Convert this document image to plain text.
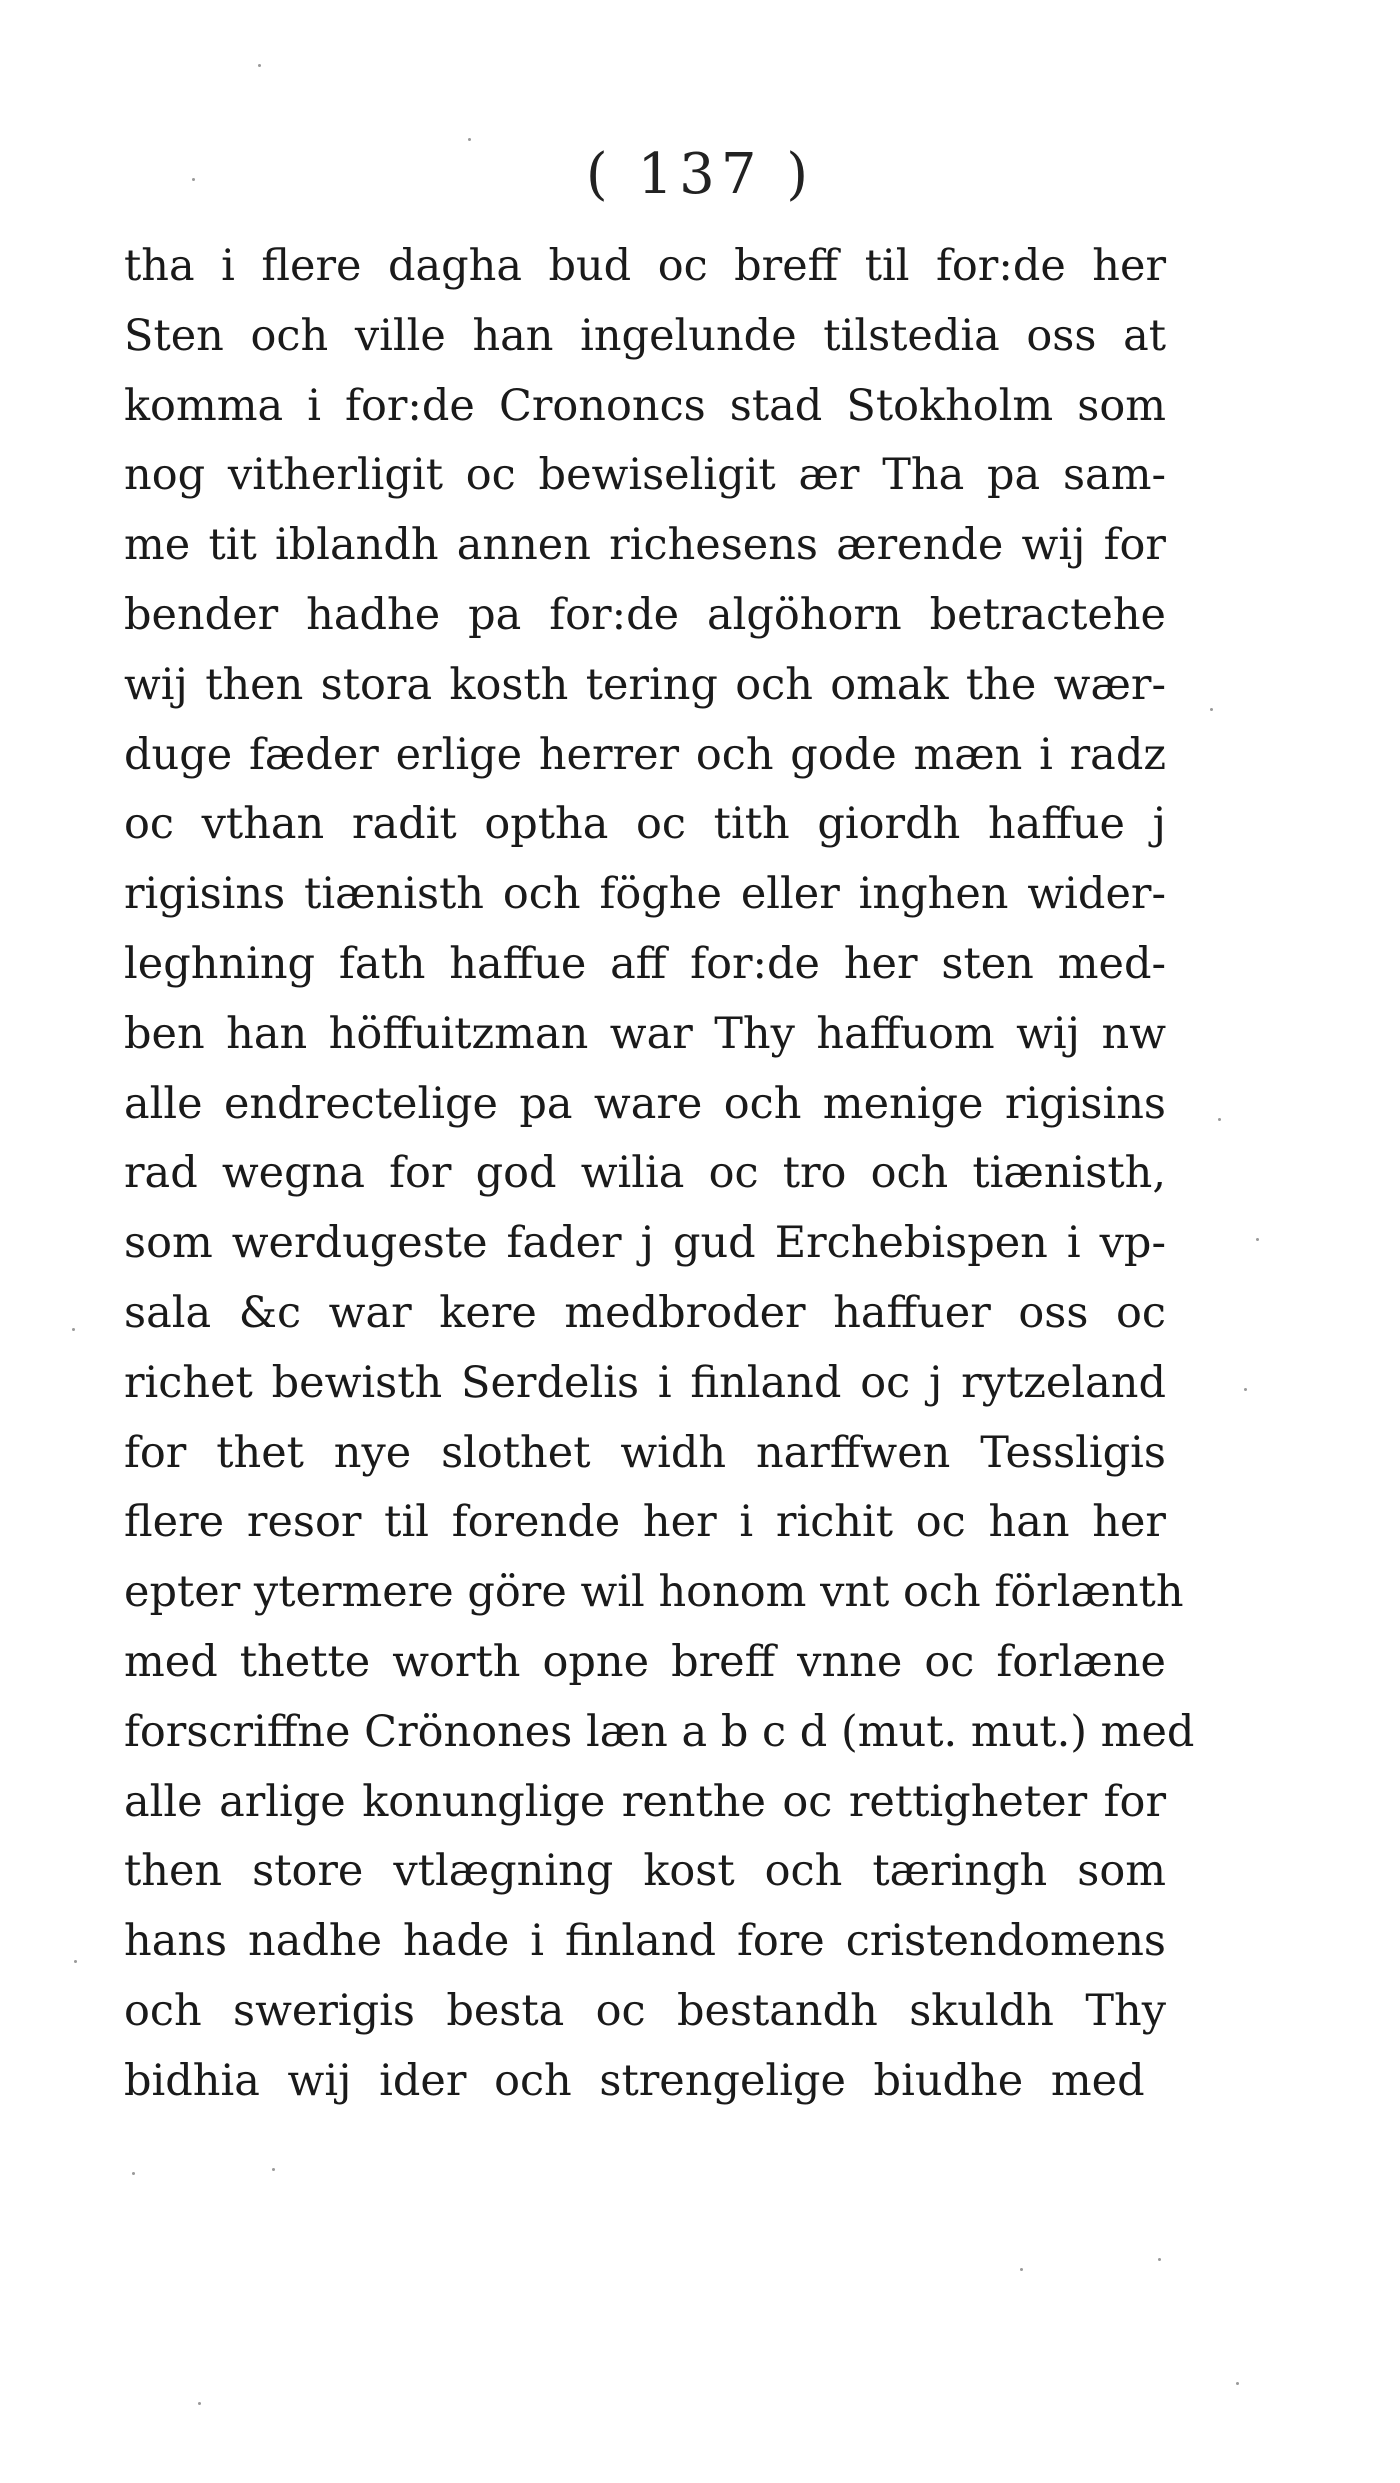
( 137 )
tha i flere dagha bud oc breff til for:de her
Sten och ville han ingelunde tilstedia oss at
komma i for:de Crononcs stad Stokholm som
nog vitherligit oc bewiseligit ær Tha pa sam-
me tit iblandh annen richesens ærende wij for
bender hadhe pa for:de algöhorn betractehe
wij then stora kosth tering och omak the wær-
duge fæder erlige herrer och gode mæn i radz
oc vthan radit optha oc tith giordh haffue j
rigisins tiænisth och föghe eller inghen wider-
leghning fath haffue aff for:de her sten med-
ben han höffuitzman war Thy haffuom wij nw
alle endrectelige pa ware och menige rigisins
rad wegna for god wilia oc tro och tiænisth,
som werdugeste fader j gud Erchebispen i vp-
sala &c war kere medbroder haffuer oss oc
richet bewisth Serdelis i finland oc j rytzeland
for thet nye slothet widh narffwen Tessligis
flere resor til forende her i richit oc han her
epter ytermere göre wil honom vnt och förlænth
med thette worth opne breff vnne oc forlæne
forscriffne Crönones læn a b c d (mut. mut.) med
alle arlige konunglige renthe oc rettigheter for
then store vtlægning kost och tæringh som
hans nadhe hade i finland fore cristendomens
och swerigis besta oc bestandh skuldh Thy
bidhia wij ider och strengelige biudhe med
